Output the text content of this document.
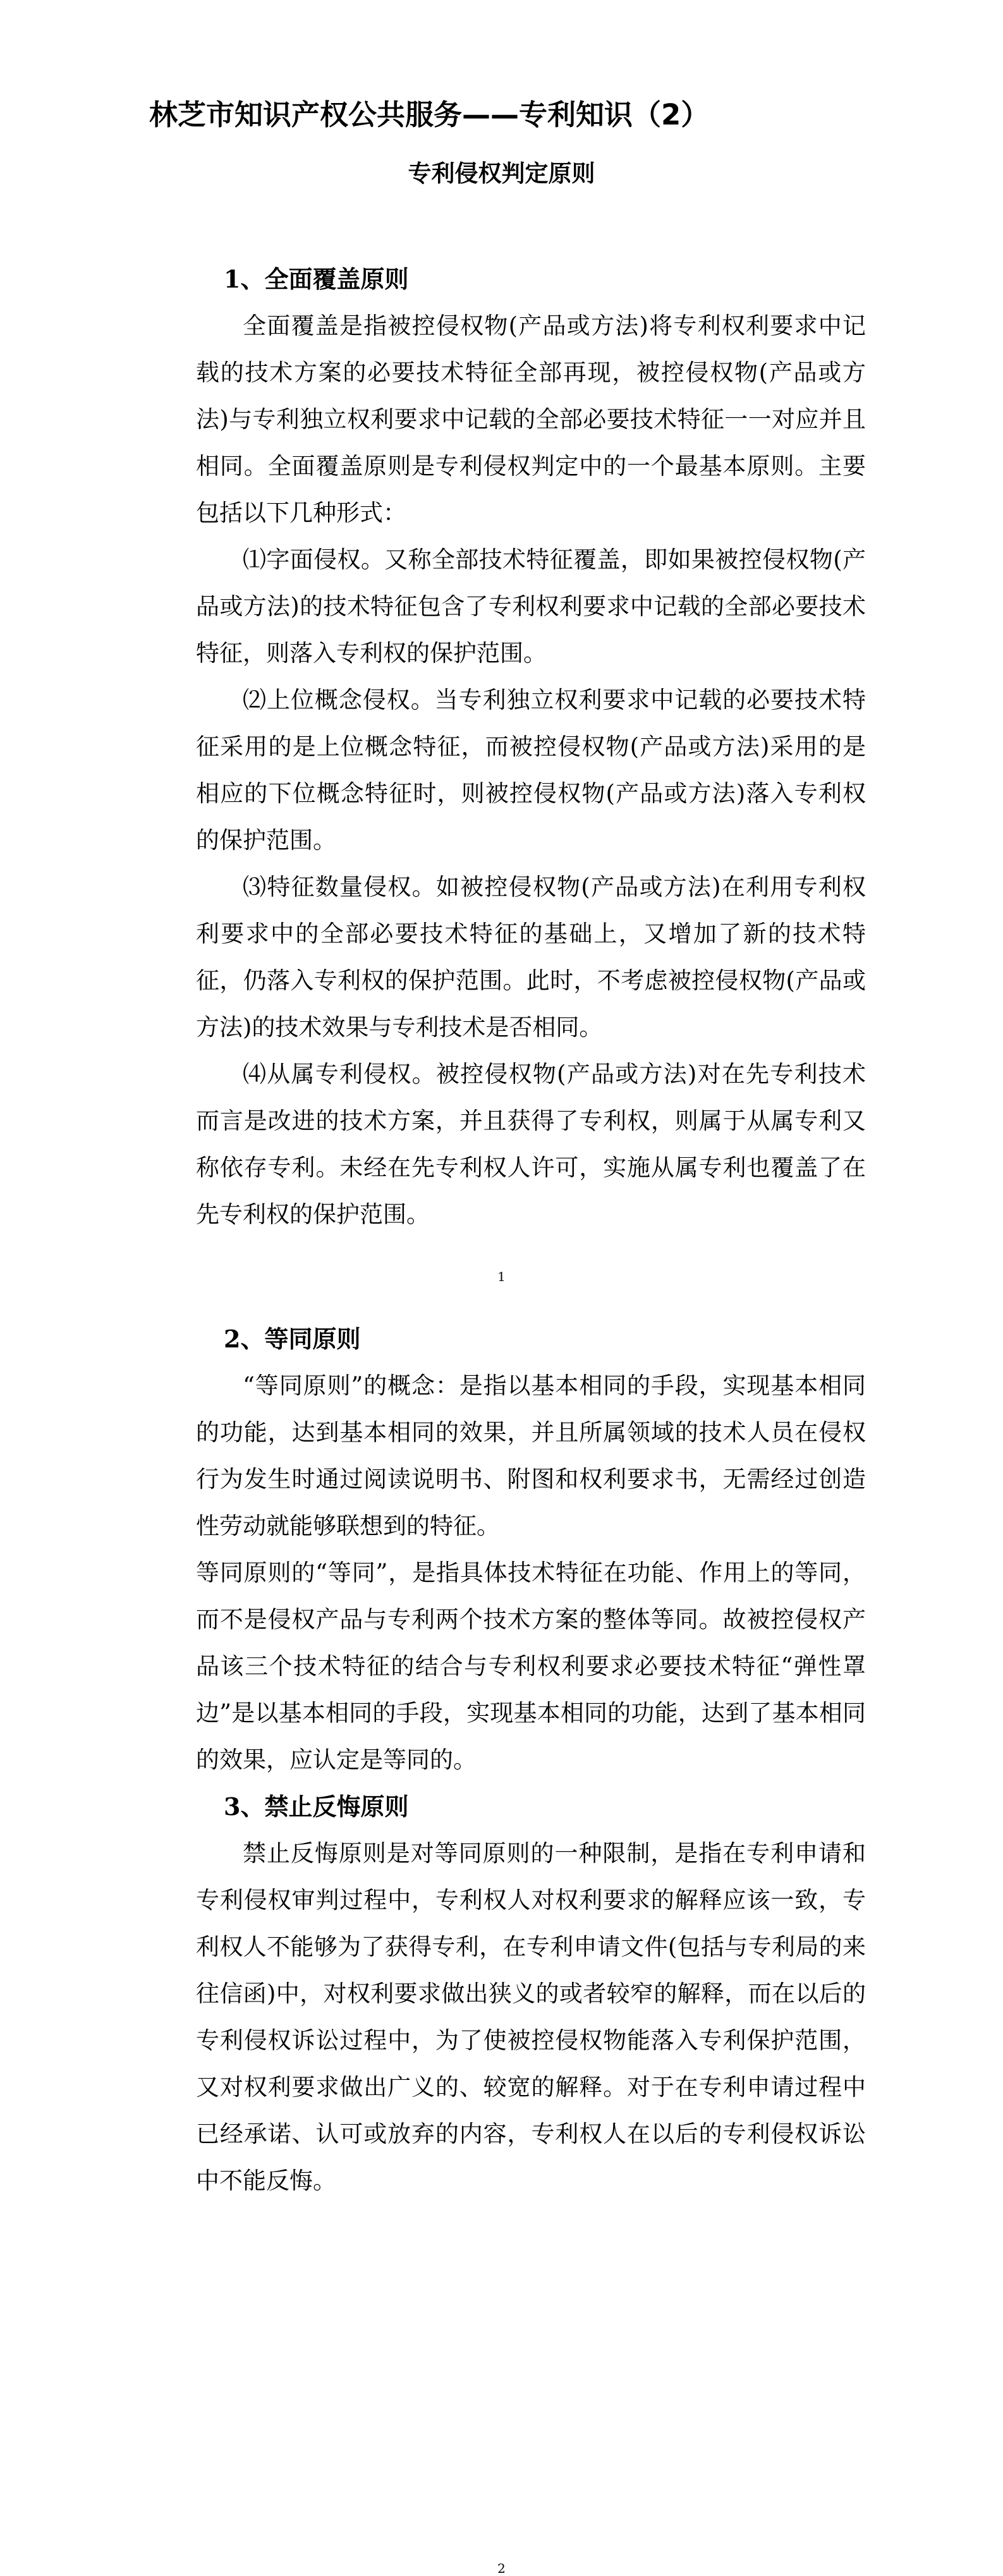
林芝市知识产权公共服务——专利知识（2）
专利侵权判定原则
1、全面覆盖原则

全面覆盖是指被控侵权物(产品或方法)将专利权利要求中记载的技术方案的必要技术特征全部再现，被控侵权物(产品或方法)与专利独立权利要求中记载的全部必要技术特征一一对应并且相同。全面覆盖原则是专利侵权判定中的一个最基本原则。主要包括以下几种形式：

⑴字面侵权。又称全部技术特征覆盖，即如果被控侵权物(产品或方法)的技术特征包含了专利权利要求中记载的全部必要技术特征，则落入专利权的保护范围。

⑵上位概念侵权。当专利独立权利要求中记载的必要技术特征采用的是上位概念特征，而被控侵权物(产品或方法)采用的是相应的下位概念特征时，则被控侵权物(产品或方法)落入专利权的保护范围。

⑶特征数量侵权。如被控侵权物(产品或方法)在利用专利权利要求中的全部必要技术特征的基础上，又增加了新的技术特征，仍落入专利权的保护范围。此时，不考虑被控侵权物(产品或方法)的技术效果与专利技术是否相同。

⑷从属专利侵权。被控侵权物(产品或方法)对在先专利技术而言是改进的技术方案，并且获得了专利权，则属于从属专利又称依存专利。未经在先专利权人许可，实施从属专利也覆盖了在先专利权的保护范围。

1

2、等同原则

“等同原则”的概念：是指以基本相同的手段，实现基本相同的功能，达到基本相同的效果，并且所属领域的技术人员在侵权行为发生时通过阅读说明书、附图和权利要求书，无需经过创造性劳动就能够联想到的特征。

等同原则的“等同”，是指具体技术特征在功能、作用上的等同，而不是侵权产品与专利两个技术方案的整体等同。故被控侵权产品该三个技术特征的结合与专利权利要求必要技术特征“弹性罩边”是以基本相同的手段，实现基本相同的功能，达到了基本相同的效果，应认定是等同的。

3、禁止反悔原则

禁止反悔原则是对等同原则的一种限制，是指在专利申请和专利侵权审判过程中，专利权人对权利要求的解释应该一致，专利权人不能够为了获得专利，在专利申请文件(包括与专利局的来往信函)中，对权利要求做出狭义的或者较窄的解释，而在以后的专利侵权诉讼过程中，为了使被控侵权物能落入专利保护范围，又对权利要求做出广义的、较宽的解释。对于在专利申请过程中已经承诺、认可或放弃的内容，专利权人在以后的专利侵权诉讼中不能反悔。

2
